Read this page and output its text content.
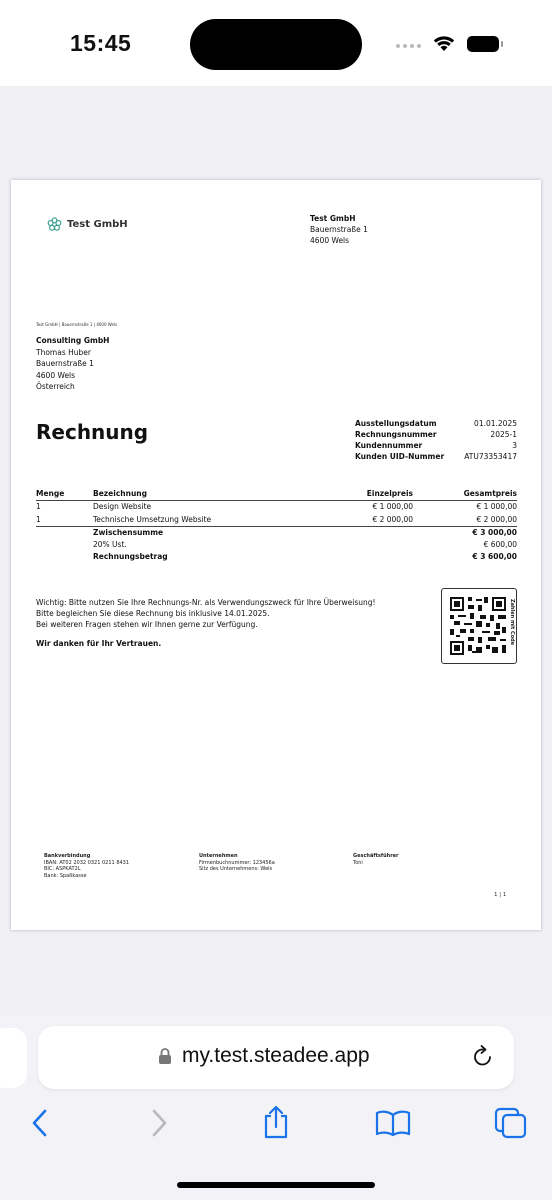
15:45
Test GmbH
Test GmbH
Bauernstraße 1
4600 Wels
Test GmbH | Bauernstraße 1 | 4600 Wels
Consulting GmbH
Thomas Huber
Bauernstraße 1
4600 Wels
Österreich
Rechnung	Ausstellungsdatum	01.01.2025
Rechnungsnummer	2025-1
Kundennummer	3
Kunden UID-Nummer	ATU73353417
Menge	Bezeichnung	Einzelpreis	Gesamtpreis
1	Design Website	€ 1 000,00	€ 1 000,00
1	Technische Umsetzung Website	€ 2 000,00	€ 2 000,00
Zwischensumme	€ 3 000,00
20% Ust.	€ 600,00
Rechnungsbetrag	€ 3 600,00
Wichtig: Bitte nutzen Sie Ihre Rechnungs-Nr. als Verwendungszweck für Ihre Überweisung!
Bitte begleichen Sie diese Rechnung bis inklusive 14.01.2025.
Bei weiteren Fragen stehen wir Ihnen gerne zur Verfügung.
Wir danken für Ihr Vertrauen.	Zahlen mit Code
Bankverbindung
IBAN: AT02 2032 0321 0211 8431
BIC: ASPKAT2L
Bank: Spaßkasse
Unternehmen
Firmenbuchnummer: 123456a
Sitz des Unternehmens: Wels
Geschäftsführer
Toni
1 | 1
my.test.steadee.app
